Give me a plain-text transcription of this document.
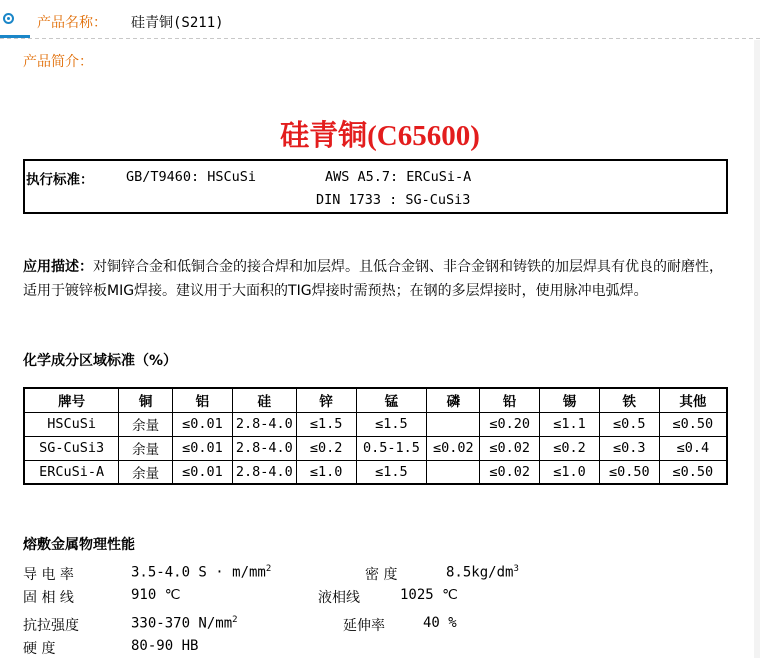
产品名称： 硅青铜(S211)
产品简介：
硅青铜(C65600)
执行标准： GB/T9460: HSCuSi	AWS A5.7: ERCuSi-A
DIN 1733 : SG-CuSi3
应用描述：对铜锌合金和低铜合金的接合焊和加层焊。且低合金钢、非合金钢和铸铁的加层焊具有优良的耐磨性，适用于镀锌板MIG焊接。建议用于大面积的TIG焊接时需预热；在钢的多层焊接时，使用脉冲电弧焊。
化学成分区域标准（%）
牌号	铜	铝	硅	锌	锰	磷	铅	锡	铁	其他
HSCuSi	余量	≤0.01	2.8-4.0	≤1.5	≤1.5		≤0.20	≤1.1	≤0.5	≤0.50
SG-CuSi3	余量	≤0.01	2.8-4.0	≤0.2	0.5-1.5	≤0.02	≤0.02	≤0.2	≤0.3	≤0.4
ERCuSi-A	余量	≤0.01	2.8-4.0	≤1.0	≤1.5		≤0.02	≤1.0	≤0.50	≤0.50
熔敷金属物理性能
导 电 率	3.5-4.0 $S \cdot m/mm^2$	密 度	$8.5kg/dm^3$
固 相 线	910 ℃	液相线	1025 ℃
抗拉强度	330-370 $N/mm^2$	延伸率	40 %
硬 度	80-90 HB
